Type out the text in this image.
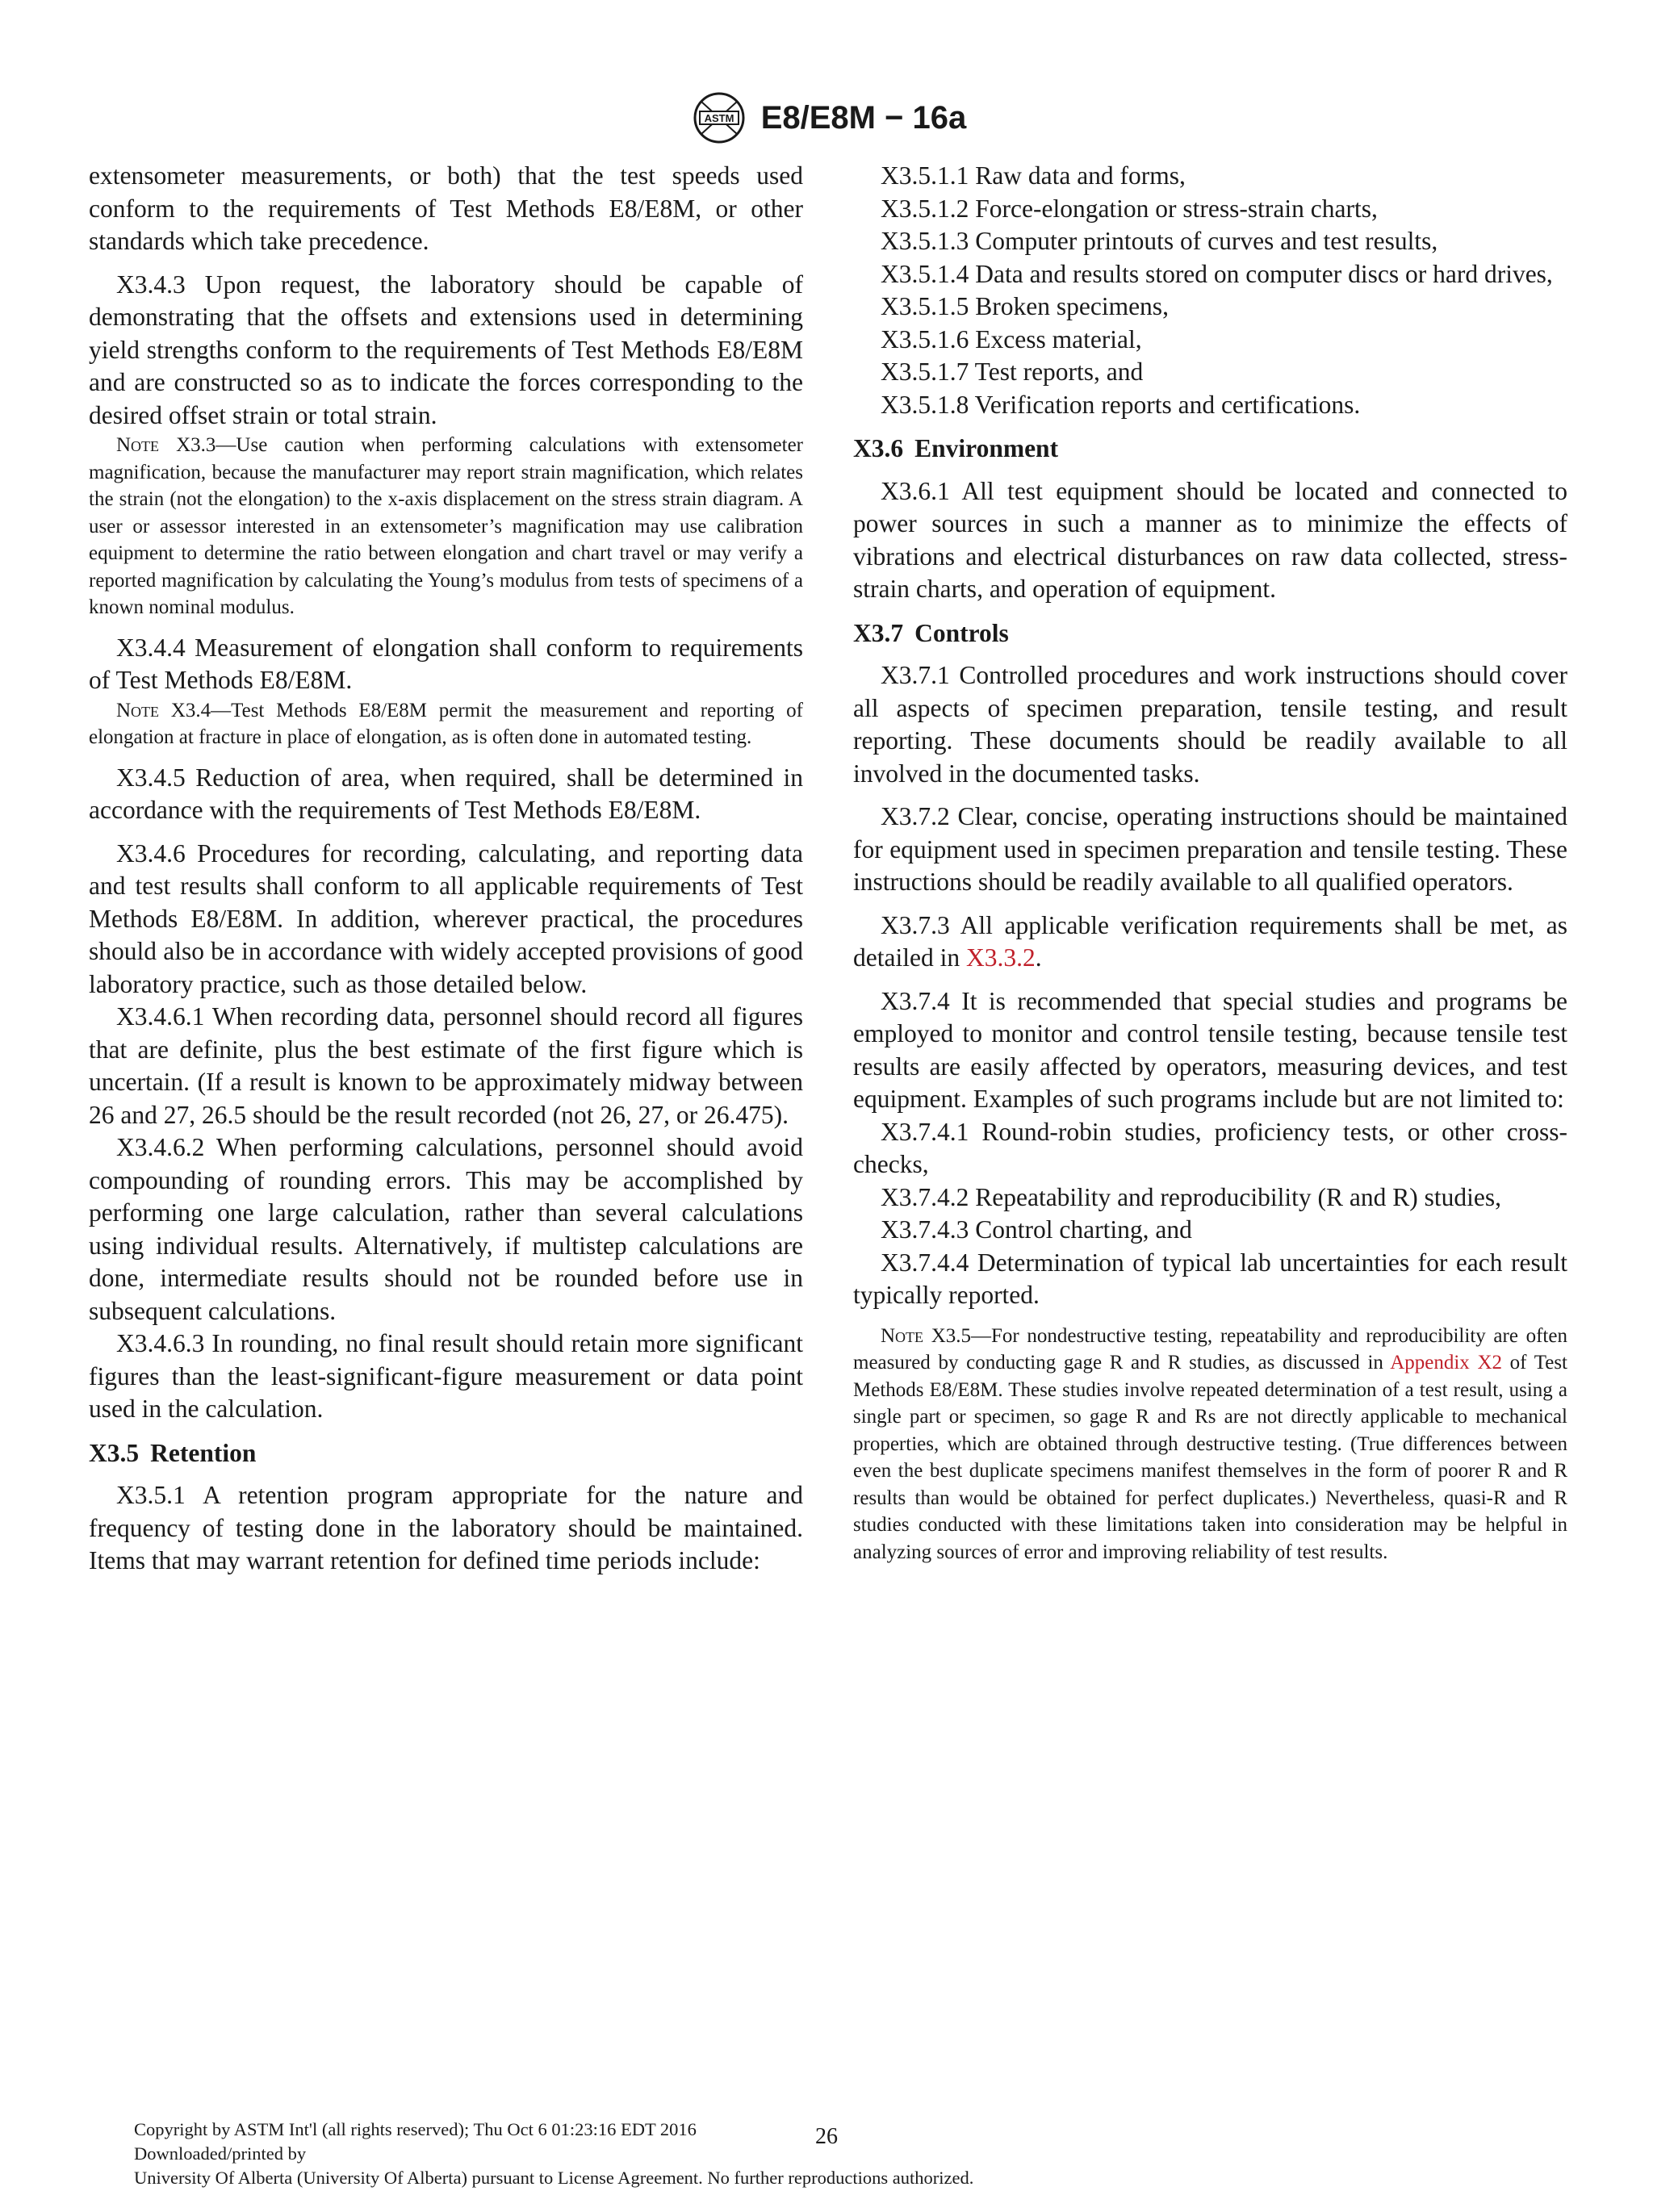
ASTM E8/E8M − 16a

extensometer measurements, or both) that the test speeds used conform to the requirements of Test Methods E8/E8M, or other standards which take precedence.

X3.4.3 Upon request, the laboratory should be capable of demonstrating that the offsets and extensions used in determining yield strengths conform to the requirements of Test Methods E8/E8M and are constructed so as to indicate the forces corresponding to the desired offset strain or total strain.

Note X3.3—Use caution when performing calculations with extensometer magnification, because the manufacturer may report strain magnification, which relates the strain (not the elongation) to the x-axis displacement on the stress strain diagram. A user or assessor interested in an extensometer’s magnification may use calibration equipment to determine the ratio between elongation and chart travel or may verify a reported magnification by calculating the Young’s modulus from tests of specimens of a known nominal modulus.

X3.4.4 Measurement of elongation shall conform to requirements of Test Methods E8/E8M.

Note X3.4—Test Methods E8/E8M permit the measurement and reporting of elongation at fracture in place of elongation, as is often done in automated testing.

X3.4.5 Reduction of area, when required, shall be determined in accordance with the requirements of Test Methods E8/E8M.

X3.4.6 Procedures for recording, calculating, and reporting data and test results shall conform to all applicable requirements of Test Methods E8/E8M. In addition, wherever practical, the procedures should also be in accordance with widely accepted provisions of good laboratory practice, such as those detailed below.

X3.4.6.1 When recording data, personnel should record all figures that are definite, plus the best estimate of the first figure which is uncertain. (If a result is known to be approximately midway between 26 and 27, 26.5 should be the result recorded (not 26, 27, or 26.475).

X3.4.6.2 When performing calculations, personnel should avoid compounding of rounding errors. This may be accomplished by performing one large calculation, rather than several calculations using individual results. Alternatively, if multistep calculations are done, intermediate results should not be rounded before use in subsequent calculations.

X3.4.6.3 In rounding, no final result should retain more significant figures than the least-significant-figure measurement or data point used in the calculation.

X3.5 Retention

X3.5.1 A retention program appropriate for the nature and frequency of testing done in the laboratory should be maintained. Items that may warrant retention for defined time periods include:

X3.5.1.1 Raw data and forms,

X3.5.1.2 Force-elongation or stress-strain charts,

X3.5.1.3 Computer printouts of curves and test results,

X3.5.1.4 Data and results stored on computer discs or hard drives,

X3.5.1.5 Broken specimens,

X3.5.1.6 Excess material,

X3.5.1.7 Test reports, and

X3.5.1.8 Verification reports and certifications.

X3.6 Environment

X3.6.1 All test equipment should be located and connected to power sources in such a manner as to minimize the effects of vibrations and electrical disturbances on raw data collected, stress-strain charts, and operation of equipment.

X3.7 Controls

X3.7.1 Controlled procedures and work instructions should cover all aspects of specimen preparation, tensile testing, and result reporting. These documents should be readily available to all involved in the documented tasks.

X3.7.2 Clear, concise, operating instructions should be maintained for equipment used in specimen preparation and tensile testing. These instructions should be readily available to all qualified operators.

X3.7.3 All applicable verification requirements shall be met, as detailed in X3.3.2.

X3.7.4 It is recommended that special studies and programs be employed to monitor and control tensile testing, because tensile test results are easily affected by operators, measuring devices, and test equipment. Examples of such programs include but are not limited to:

X3.7.4.1 Round-robin studies, proficiency tests, or other cross-checks,

X3.7.4.2 Repeatability and reproducibility (R and R) studies,

X3.7.4.3 Control charting, and

X3.7.4.4 Determination of typical lab uncertainties for each result typically reported.

Note X3.5—For nondestructive testing, repeatability and reproducibility are often measured by conducting gage R and R studies, as discussed in Appendix X2 of Test Methods E8/E8M. These studies involve repeated determination of a test result, using a single part or specimen, so gage R and Rs are not directly applicable to mechanical properties, which are obtained through destructive testing. (True differences between even the best duplicate specimens manifest themselves in the form of poorer R and R results than would be obtained for perfect duplicates.) Nevertheless, quasi-R and R studies conducted with these limitations taken into consideration may be helpful in analyzing sources of error and improving reliability of test results.

26
Copyright by ASTM Int'l (all rights reserved); Thu Oct 6 01:23:16 EDT 2016
Downloaded/printed by
University Of Alberta (University Of Alberta) pursuant to License Agreement. No further reproductions authorized.
